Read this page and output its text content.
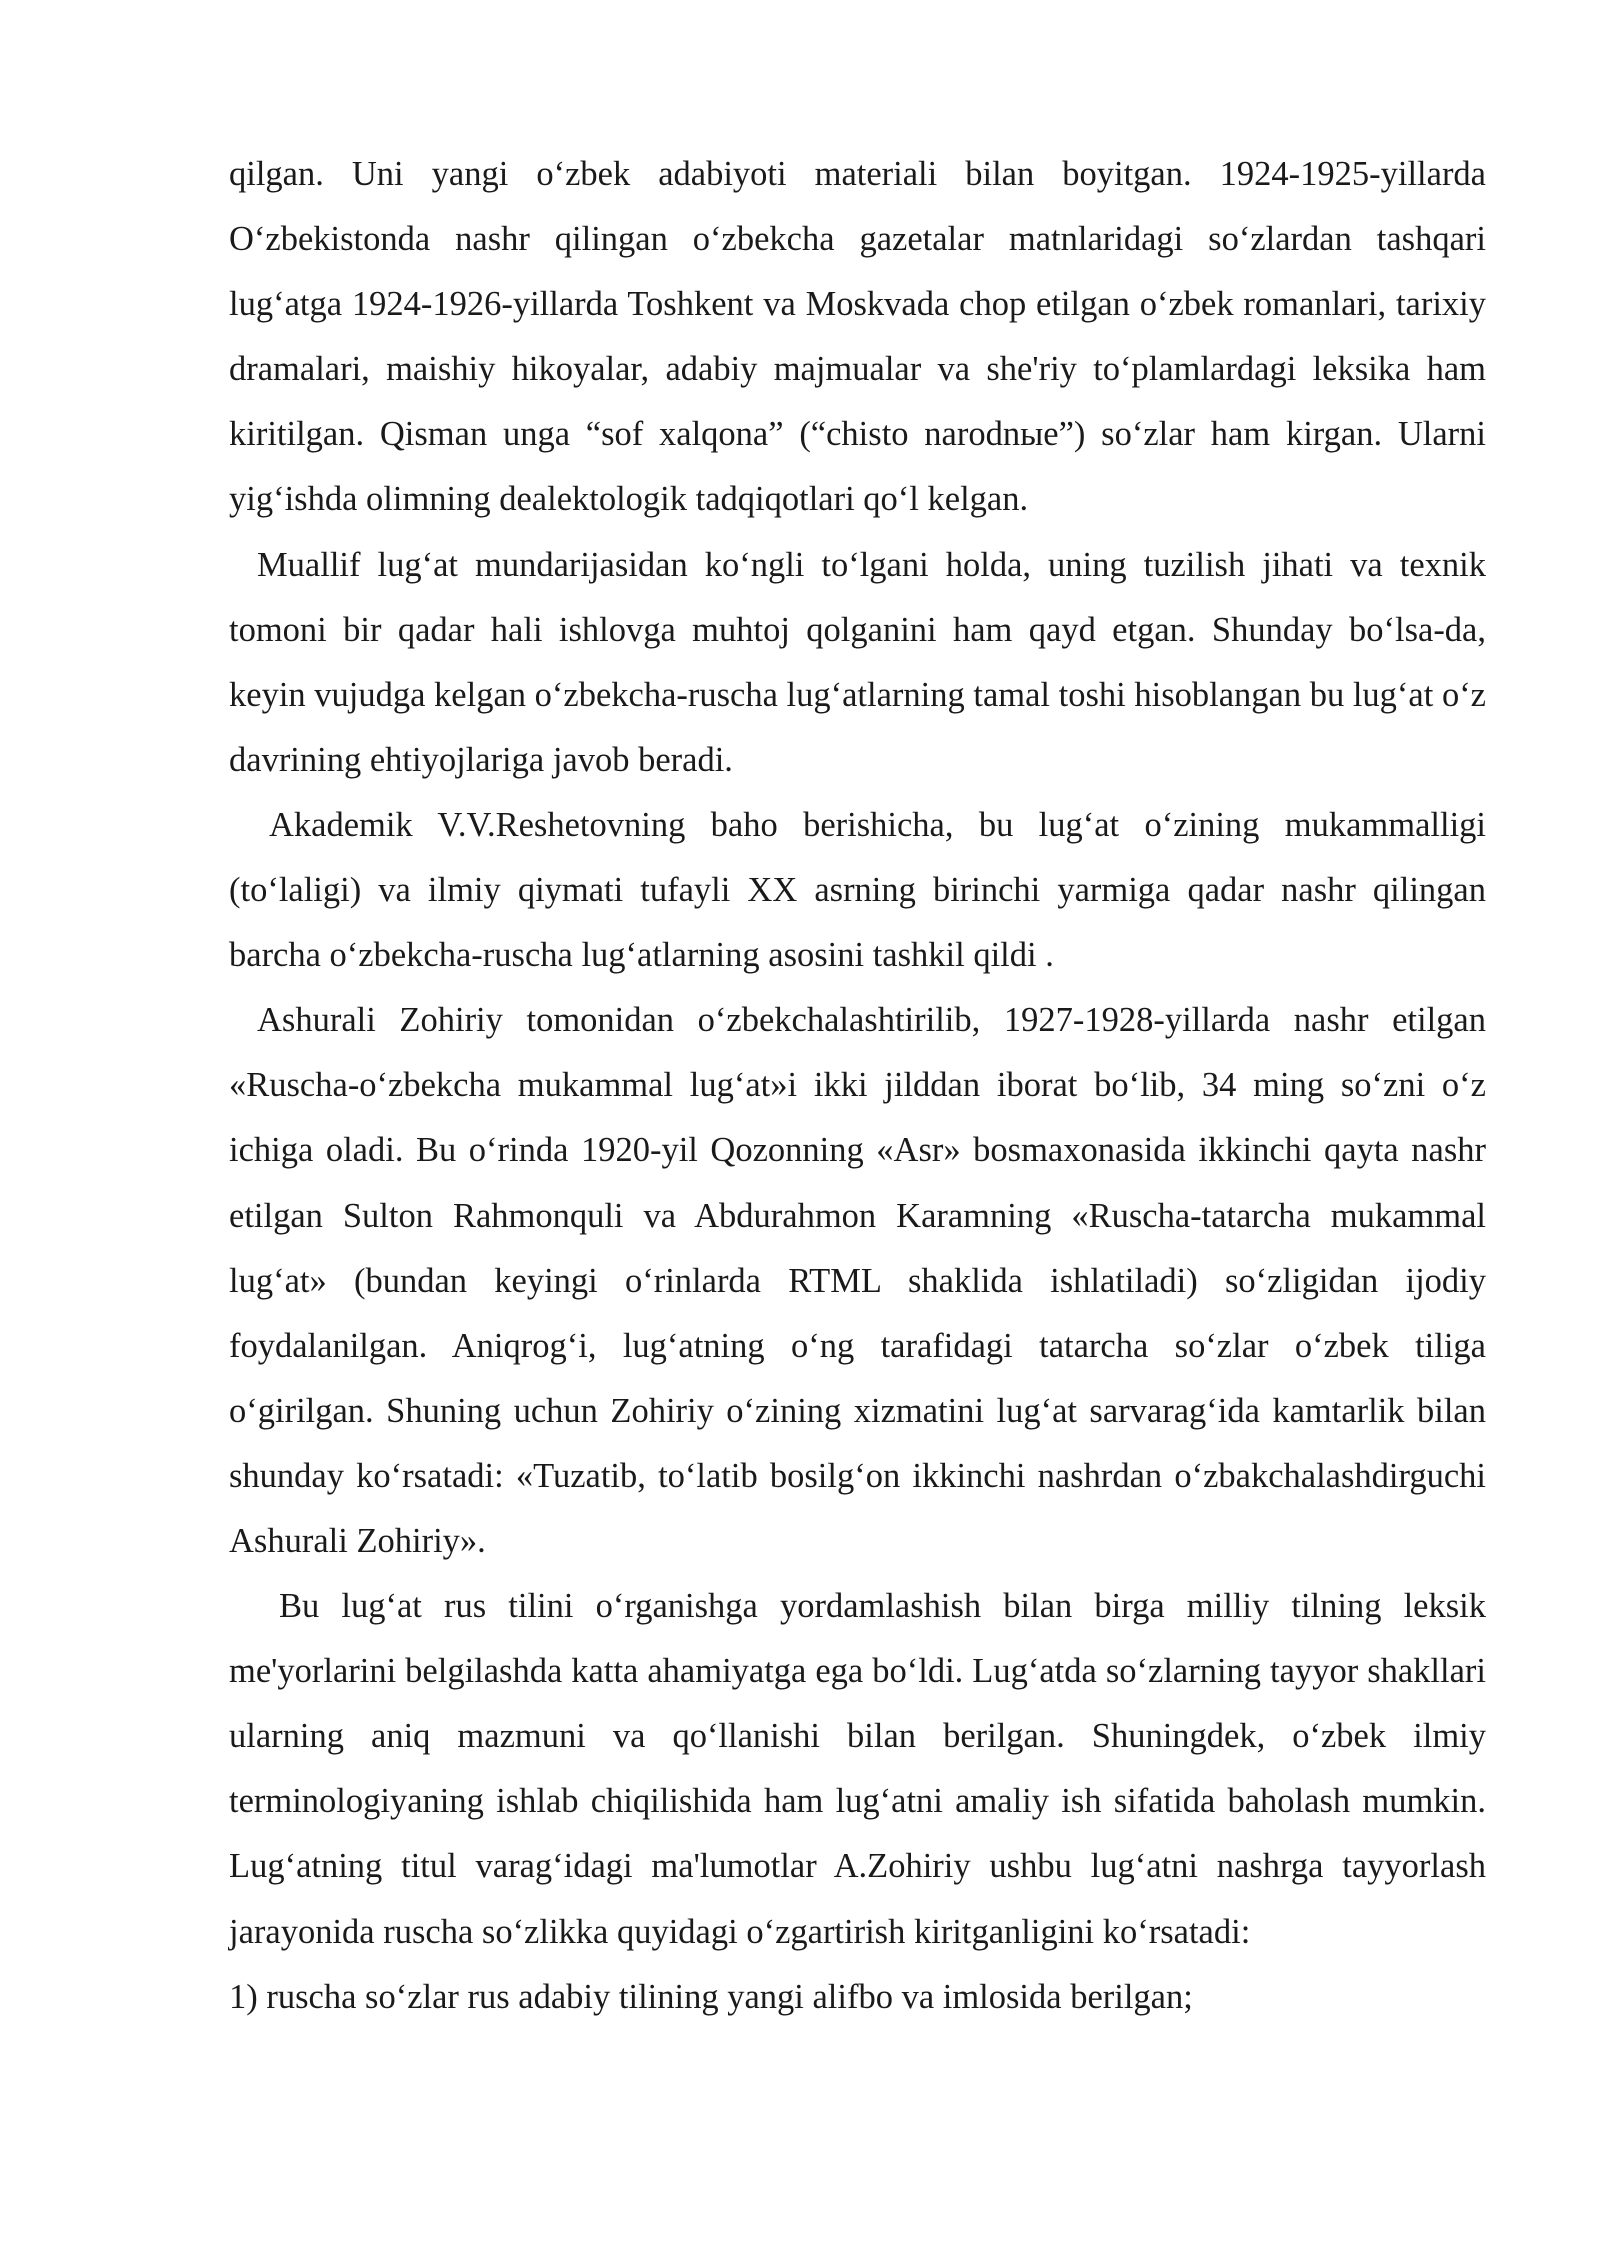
qilgan. Uni yangi o‘zbek adabiyoti materiali bilan boyitgan. 1924-1925-yillarda O‘zbekistonda nashr qilingan o‘zbekcha gazetalar matnlaridagi so‘zlardan tashqari lug‘atga 1924-1926-yillarda Toshkent va Moskvada chop etilgan o‘zbek romanlari, tarixiy dramalari, maishiy hikoyalar, adabiy majmualar va she'riy to‘plamlardagi leksika ham kiritilgan. Qisman unga “sof xalqona” (“chisto narodnыe”) so‘zlar ham kirgan. Ularni yig‘ishda olimning dealektologik tadqiqotlari qo‘l kelgan.

Muallif lug‘at mundarijasidan ko‘ngli to‘lgani holda, uning tuzilish jihati va texnik tomoni bir qadar hali ishlovga muhtoj qolganini ham qayd etgan. Shunday bo‘lsa-da, keyin vujudga kelgan o‘zbekcha-ruscha lug‘atlarning tamal toshi hisoblangan bu lug‘at o‘z davrining ehtiyojlariga javob beradi.

Akademik V.V.Reshetovning baho berishicha, bu lug‘at o‘zining mukammalligi (to‘laligi) va ilmiy qiymati tufayli XX asrning birinchi yarmiga qadar nashr qilingan barcha o‘zbekcha-ruscha lug‘atlarning asosini tashkil qildi .

Ashurali Zohiriy tomonidan o‘zbekchalashtirilib, 1927-1928-yillarda nashr etilgan «Ruscha-o‘zbekcha mukammal lug‘at»i ikki jilddan iborat bo‘lib, 34 ming so‘zni o‘z ichiga oladi. Bu o‘rinda 1920-yil Qozonning «Asr» bosmaxonasida ikkinchi qayta nashr etilgan Sulton Rahmonquli va Abdurahmon Karamning «Ruscha-tatarcha mukammal lug‘at» (bundan keyingi o‘rinlarda RTML shaklida ishlatiladi) so‘zligidan ijodiy foydalanilgan. Aniqrog‘i, lug‘atning o‘ng tarafidagi tatarcha so‘zlar o‘zbek tiliga o‘girilgan. Shuning uchun Zohiriy o‘zining xizmatini lug‘at sarvarag‘ida kamtarlik bilan shunday ko‘rsatadi: «Tuzatib, to‘latib bosilg‘on ikkinchi nashrdan o‘zbakchalashdirguchi Ashurali Zohiriy».

Bu lug‘at rus tilini o‘rganishga yordamlashish bilan birga milliy tilning leksik me'yorlarini belgilashda katta ahamiyatga ega bo‘ldi. Lug‘atda so‘zlarning tayyor shakllari ularning aniq mazmuni va qo‘llanishi bilan berilgan. Shuningdek, o‘zbek ilmiy terminologiyaning ishlab chiqilishida ham lug‘atni amaliy ish sifatida baholash mumkin. Lug‘atning titul varag‘idagi ma'lumotlar A.Zohiriy ushbu lug‘atni nashrga tayyorlash jarayonida ruscha so‘zlikka quyidagi o‘zgartirish kiritganligini ko‘rsatadi:

1) ruscha so‘zlar rus adabiy tilining yangi alifbo va imlosida berilgan;
